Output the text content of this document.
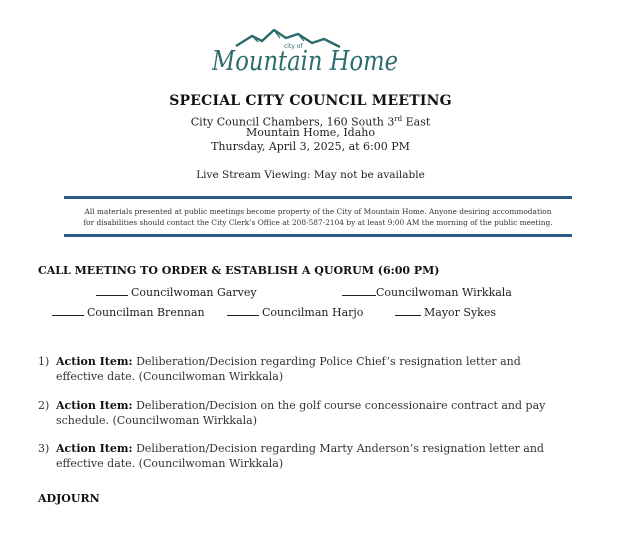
city of
Mountain Home
SPECIAL CITY COUNCIL MEETING
City Council Chambers, 160 South 3rd East
Mountain Home, Idaho
Thursday, April 3, 2025, at 6:00 PM
Live Stream Viewing: May not be available
All materials presented at public meetings become property of the City of Mountain Home. Anyone desiring accommodation
for disabilities should contact the City Clerk’s Office at 208-587-2104 by at least 9:00 AM the morning of the public meeting.
CALL MEETING TO ORDER & ESTABLISH A QUORUM (6:00 PM)
Councilwoman Garvey	Councilwoman Wirkkala
Councilman Brennan	Councilman Harjo	Mayor Sykes
1) Action Item: Deliberation/Decision regarding Police Chief’s resignation letter and effective date. (Councilwoman Wirkkala)
2) Action Item: Deliberation/Decision on the golf course concessionaire contract and pay schedule. (Councilwoman Wirkkala)
3) Action Item: Deliberation/Decision regarding Marty Anderson’s resignation letter and effective date. (Councilwoman Wirkkala)
ADJOURN
